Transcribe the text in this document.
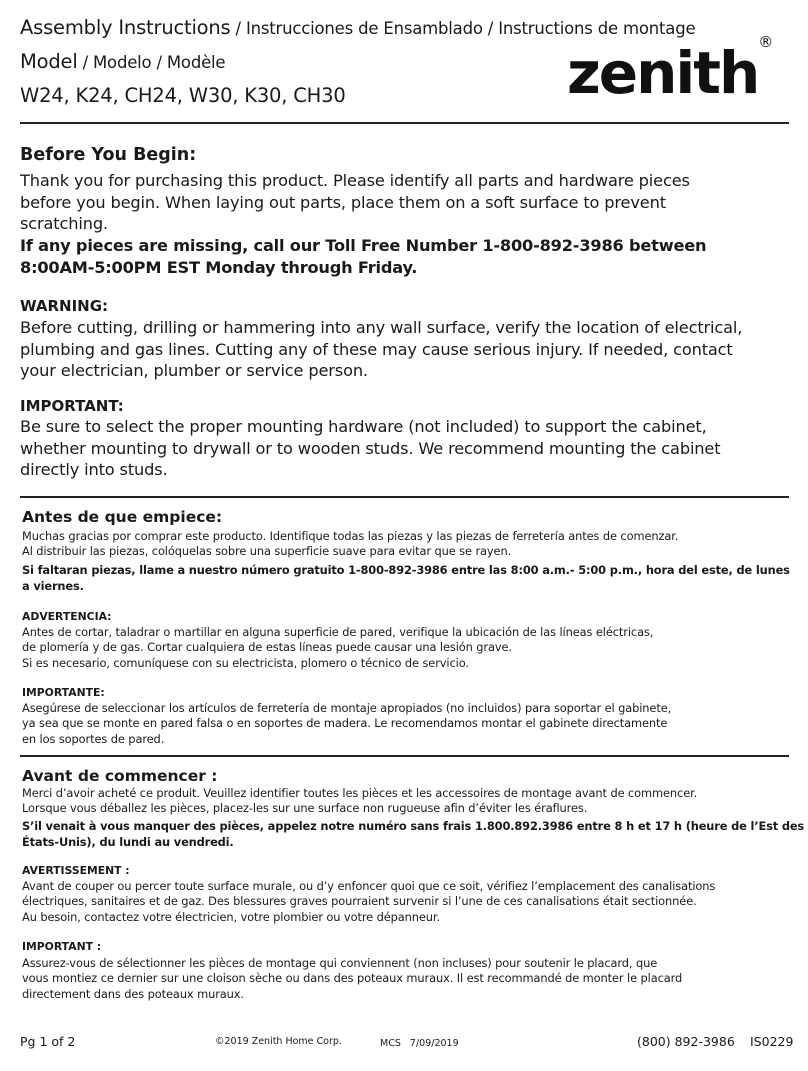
Assembly Instructions / Instrucciones de Ensamblado / Instructions de montage
Model / Modelo / Modèle
W24, K24, CH24, W30, K30, CH30	zenith®
Before You Begin:
Thank you for purchasing this product. Please identify all parts and hardware pieces
before you begin. When laying out parts, place them on a soft surface to prevent
scratching.
If any pieces are missing, call our Toll Free Number 1-800-892-3986 between
8:00AM-5:00PM EST Monday through Friday.
WARNING:
Before cutting, drilling or hammering into any wall surface, verify the location of electrical,
plumbing and gas lines. Cutting any of these may cause serious injury. If needed, contact
your electrician, plumber or service person.
IMPORTANT:
Be sure to select the proper mounting hardware (not included) to support the cabinet,
whether mounting to drywall or to wooden studs. We recommend mounting the cabinet
directly into studs.
Antes de que empiece:
Muchas gracias por comprar este producto. Identifique todas las piezas y las piezas de ferretería antes de comenzar.
Al distribuir las piezas, colóquelas sobre una superficie suave para evitar que se rayen.
Si faltaran piezas, llame a nuestro número gratuito 1-800-892-3986 entre las 8:00 a.m.- 5:00 p.m., hora del este, de lunes
a viernes.
ADVERTENCIA:
Antes de cortar, taladrar o martillar en alguna superficie de pared, verifique la ubicación de las líneas eléctricas,
de plomería y de gas. Cortar cualquiera de estas líneas puede causar una lesión grave.
Si es necesario, comuníquese con su electricista, plomero o técnico de servicio.
IMPORTANTE:
Asegúrese de seleccionar los artículos de ferretería de montaje apropiados (no incluidos) para soportar el gabinete,
ya sea que se monte en pared falsa o en soportes de madera. Le recomendamos montar el gabinete directamente
en los soportes de pared.
Avant de commencer :
Merci d’avoir acheté ce produit. Veuillez identifier toutes les pièces et les accessoires de montage avant de commencer.
Lorsque vous déballez les pièces, placez-les sur une surface non rugueuse afin d’éviter les éraflures.
S’il venait à vous manquer des pièces, appelez notre numéro sans frais 1.800.892.3986 entre 8 h et 17 h (heure de l’Est des
États-Unis), du lundi au vendredi.
AVERTISSEMENT :
Avant de couper ou percer toute surface murale, ou d’y enfoncer quoi que ce soit, vérifiez l’emplacement des canalisations
électriques, sanitaires et de gaz. Des blessures graves pourraient survenir si l’une de ces canalisations était sectionnée.
Au besoin, contactez votre électricien, votre plombier ou votre dépanneur.
IMPORTANT :
Assurez-vous de sélectionner les pièces de montage qui conviennent (non incluses) pour soutenir le placard, que
vous montiez ce dernier sur une cloison sèche ou dans des poteaux muraux. Il est recommandé de monter le placard
directement dans des poteaux muraux.
Pg 1 of 2	©2019 Zenith Home Corp.	MCS   7/09/2019	(800) 892-3986 IS0229
